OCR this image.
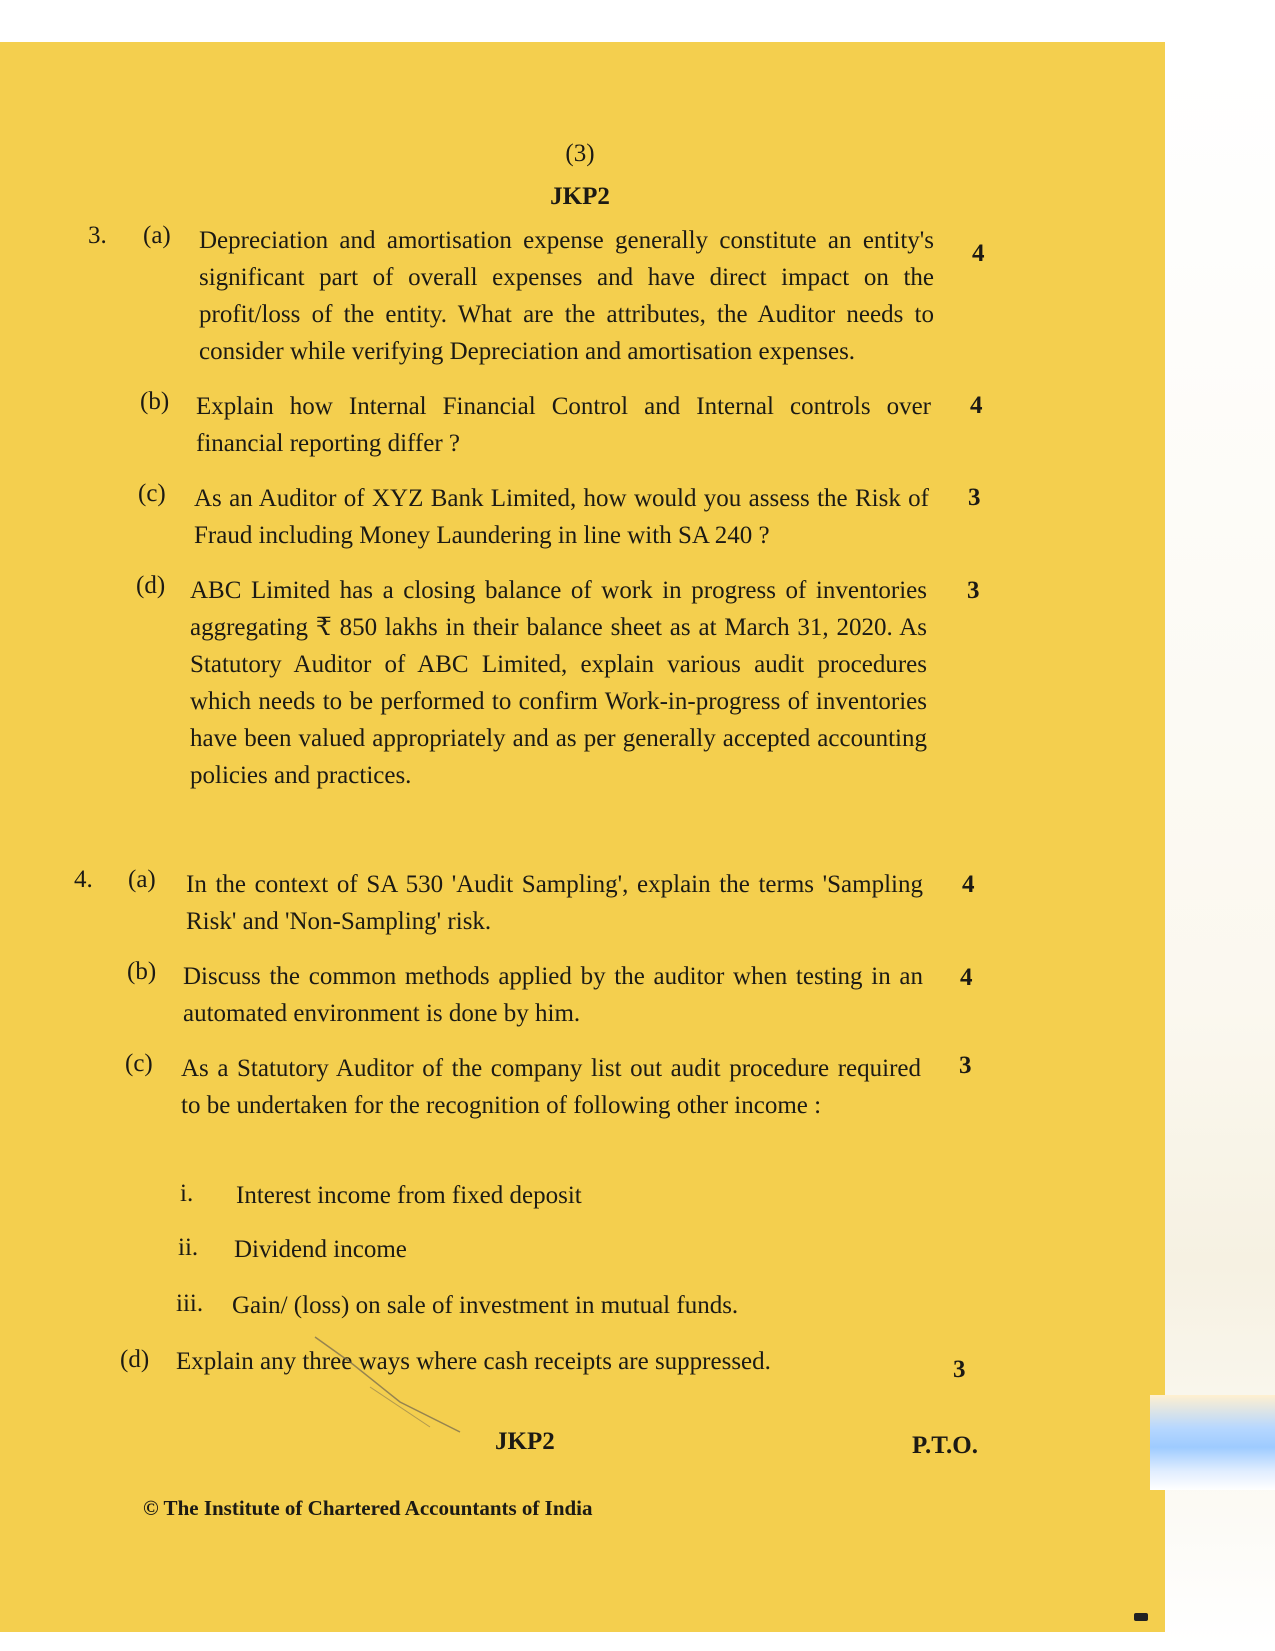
(3)
JKP2
3. (a) Depreciation and amortisation expense generally constitute an entity's significant part of overall expenses and have direct impact on the profit/loss of the entity. What are the attributes, the Auditor needs to consider while verifying Depreciation and amortisation expenses.
4
(b) Explain how Internal Financial Control and Internal controls over financial reporting differ ?
4
(c) As an Auditor of XYZ Bank Limited, how would you assess the Risk of Fraud including Money Laundering in line with SA 240 ?
3
(d) ABC Limited has a closing balance of work in progress of inventories aggregating ₹ 850 lakhs in their balance sheet as at March 31, 2020. As Statutory Auditor of ABC Limited, explain various audit procedures which needs to be performed to confirm Work-in-progress of inventories have been valued appropriately and as per generally accepted accounting policies and practices.
3
4. (a) In the context of SA 530 'Audit Sampling', explain the terms 'Sampling Risk' and 'Non-Sampling' risk.
4
(b) Discuss the common methods applied by the auditor when testing in an automated environment is done by him.
4
(c) As a Statutory Auditor of the company list out audit procedure required to be undertaken for the recognition of following other income :
3
i. Interest income from fixed deposit
ii. Dividend income
iii. Gain/ (loss) on sale of investment in mutual funds.
(d) Explain any three ways where cash receipts are suppressed.	3
JKP2	P.T.O.
© The Institute of Chartered Accountants of India
